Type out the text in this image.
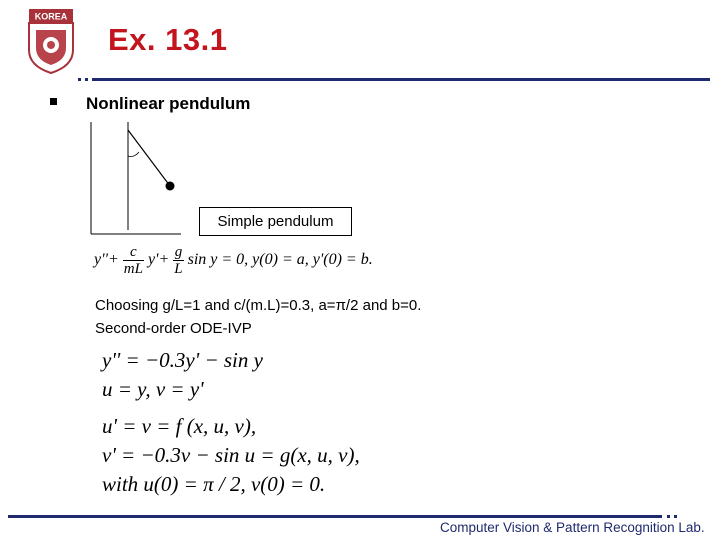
KOREA
Ex. 13.1
Nonlinear pendulum
Simple pendulum
$y''+ \frac{c}{mL} y'+ \frac{g}{L}$ sin y = 0, y(0) = a, y'(0) = b.
Choosing g/L=1 and c/(m.L)=0.3, a=π/2 and b=0.
Second-order ODE-IVP
y'' = −0.3y' − sin y
u = y, v = y'
u' = v = f (x, u, v),
v' = −0.3v − sin u = g(x, u, v),
with u(0) = π / 2, v(0) = 0.
Computer Vision & Pattern Recognition Lab.
